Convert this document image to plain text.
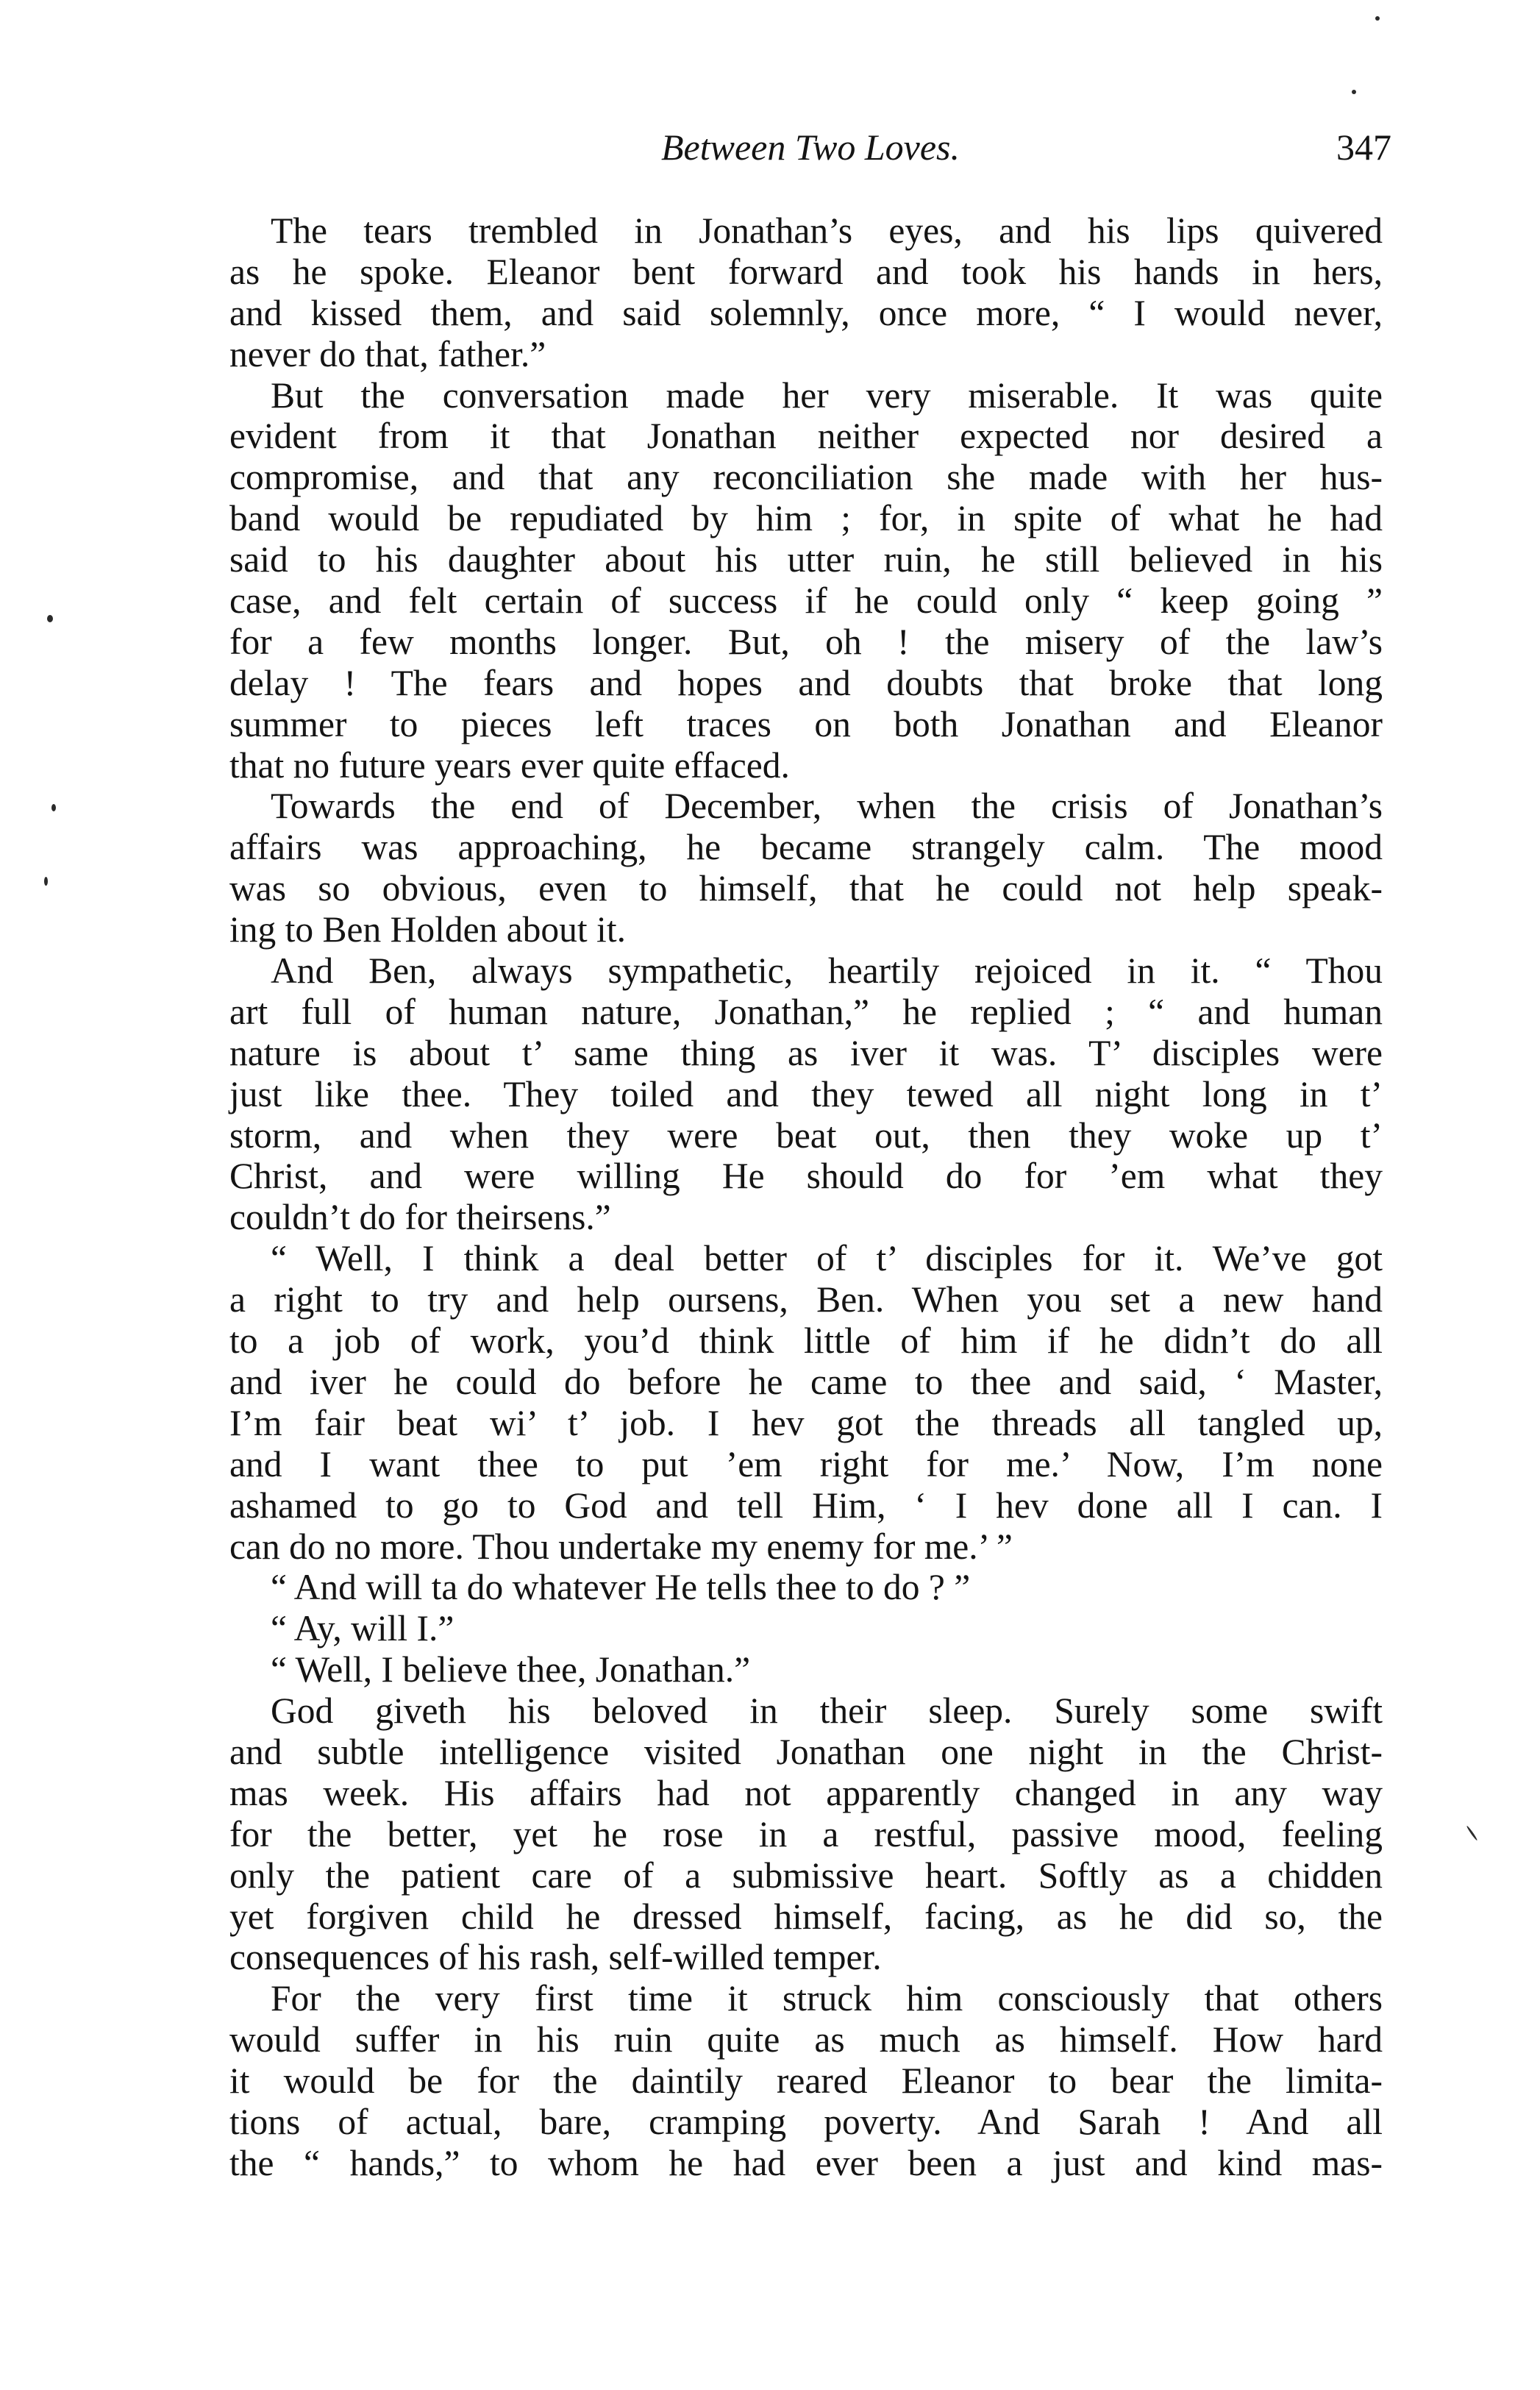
Between Two Loves.	347
The tears trembled in Jonathan’s eyes, and his lips quivered
as he spoke. Eleanor bent forward and took his hands in hers,
and kissed them, and said solemnly, once more, “ I would never,
never do that, father.”
But the conversation made her very miserable. It was quite
evident from it that Jonathan neither expected nor desired a
compromise, and that any reconciliation she made with her hus-
band would be repudiated by him ; for, in spite of what he had
said to his daughter about his utter ruin, he still believed in his
case, and felt certain of success if he could only “ keep going ”
for a few months longer. But, oh ! the misery of the law’s
delay ! The fears and hopes and doubts that broke that long
summer to pieces left traces on both Jonathan and Eleanor
that no future years ever quite effaced.
Towards the end of December, when the crisis of Jonathan’s
affairs was approaching, he became strangely calm. The mood
was so obvious, even to himself, that he could not help speak-
ing to Ben Holden about it.
And Ben, always sympathetic, heartily rejoiced in it. “ Thou
art full of human nature, Jonathan,” he replied ; “ and human
nature is about t’ same thing as iver it was. T’ disciples were
just like thee. They toiled and they tewed all night long in t’
storm, and when they were beat out, then they woke up t’
Christ, and were willing He should do for ’em what they
couldn’t do for theirsens.”
“ Well, I think a deal better of t’ disciples for it. We’ve got
a right to try and help oursens, Ben. When you set a new hand
to a job of work, you’d think little of him if he didn’t do all
and iver he could do before he came to thee and said, ‘ Master,
I’m fair beat wi’ t’ job. I hev got the threads all tangled up,
and I want thee to put ’em right for me.’ Now, I’m none
ashamed to go to God and tell Him, ‘ I hev done all I can. I
can do no more. Thou undertake my enemy for me.’ ”
“ And will ta do whatever He tells thee to do ? ”
“ Ay, will I.”
“ Well, I believe thee, Jonathan.”
God giveth his beloved in their sleep. Surely some swift
and subtle intelligence visited Jonathan one night in the Christ-
mas week. His affairs had not apparently changed in any way
for the better, yet he rose in a restful, passive mood, feeling
only the patient care of a submissive heart. Softly as a chidden
yet forgiven child he dressed himself, facing, as he did so, the
consequences of his rash, self-willed temper.
For the very first time it struck him consciously that others
would suffer in his ruin quite as much as himself. How hard
it would be for the daintily reared Eleanor to bear the limita-
tions of actual, bare, cramping poverty. And Sarah ! And all
the “ hands,” to whom he had ever been a just and kind mas-
